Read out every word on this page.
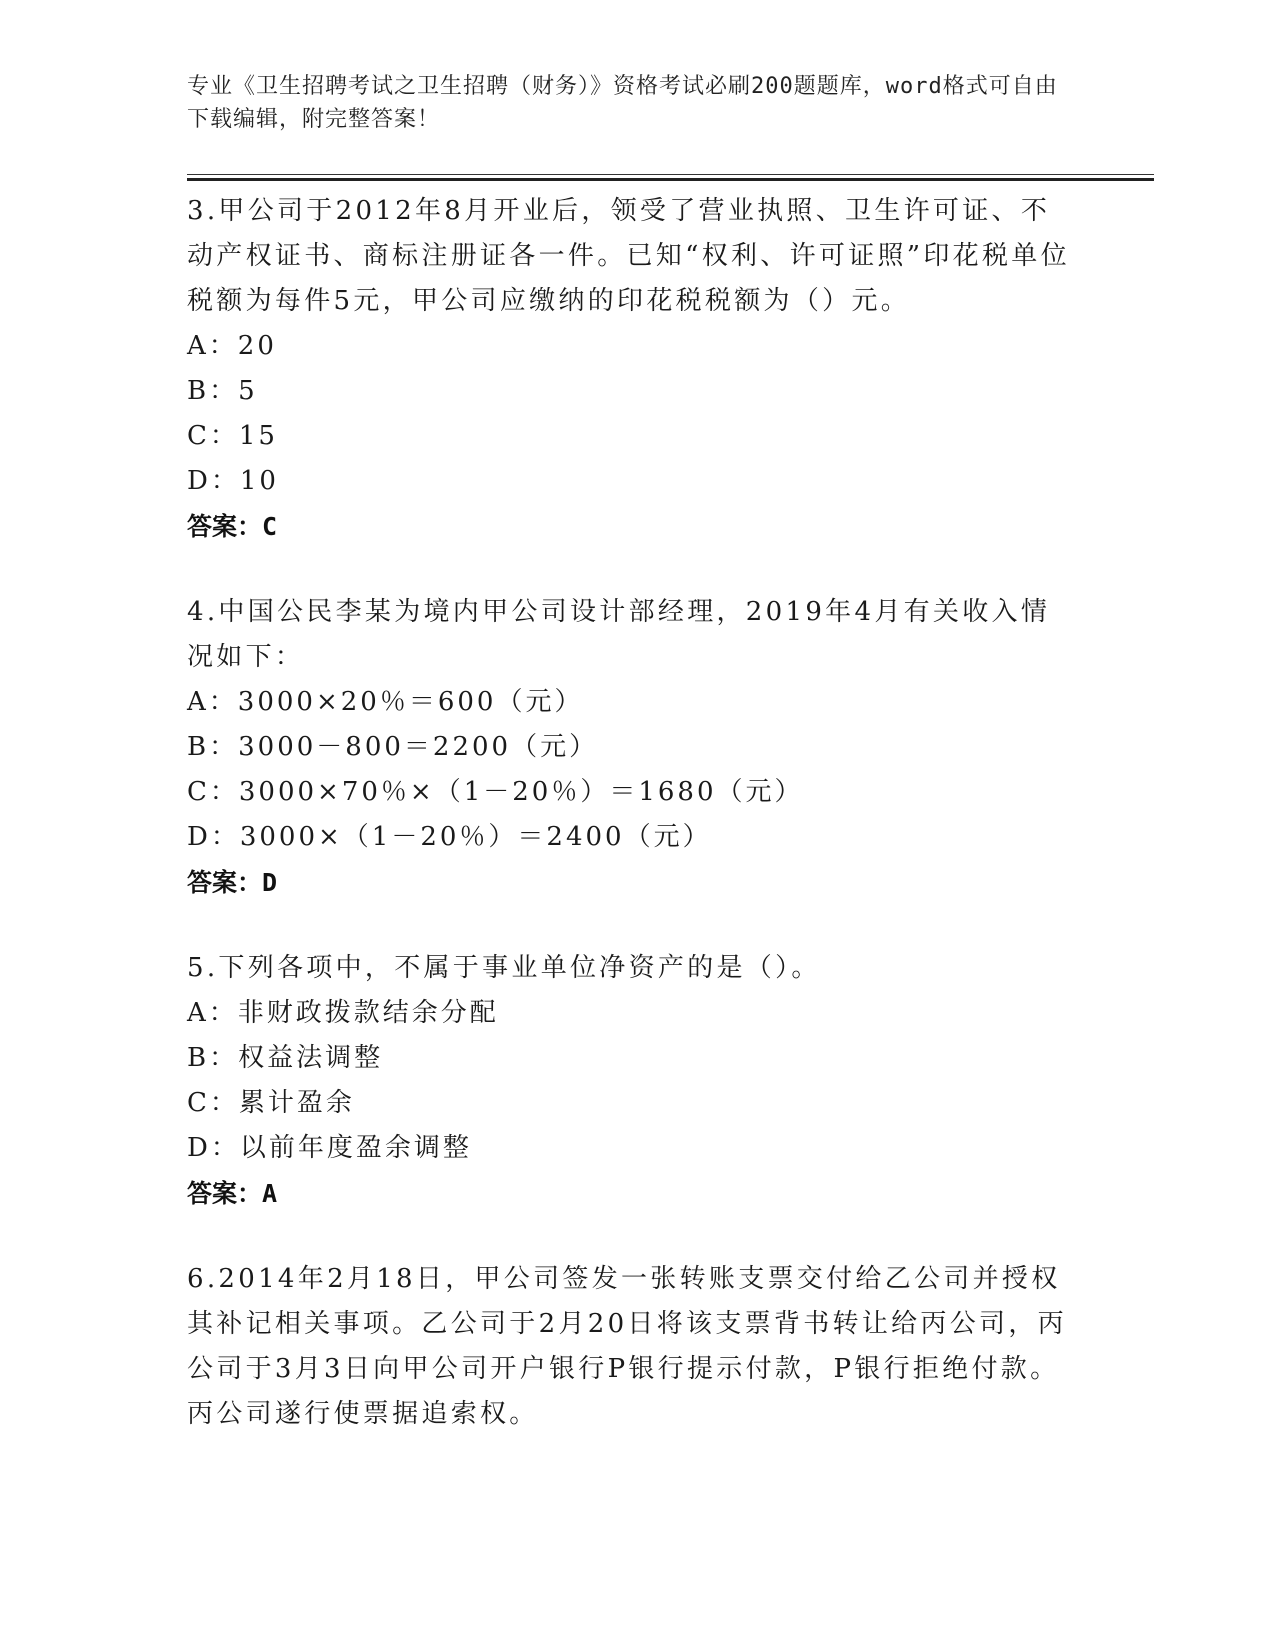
专业《卫生招聘考试之卫生招聘（财务）》资格考试必刷200题题库，word格式可自由下载编辑，附完整答案！

3.甲公司于2012年8月开业后，领受了营业执照、卫生许可证、不动产权证书、商标注册证各一件。已知“权利、许可证照”印花税单位税额为每件5元，甲公司应缴纳的印花税税额为（）元。

A：20

B：5

C：15

D：10

答案：C

4.中国公民李某为境内甲公司设计部经理，2019年4月有关收入情况如下：

A：3000×20％＝600（元）

B：3000－800＝2200（元）

C：3000×70％×（1－20％）＝1680（元）

D：3000×（1－20％）＝2400（元）

答案：D

5.下列各项中，不属于事业单位净资产的是（）。

A：非财政拨款结余分配

B：权益法调整

C：累计盈余

D：以前年度盈余调整

答案：A

6.2014年2月18日，甲公司签发一张转账支票交付给乙公司并授权其补记相关事项。乙公司于2月20日将该支票背书转让给丙公司，丙公司于3月3日向甲公司开户银行P银行提示付款，P银行拒绝付款。丙公司遂行使票据追索权。
